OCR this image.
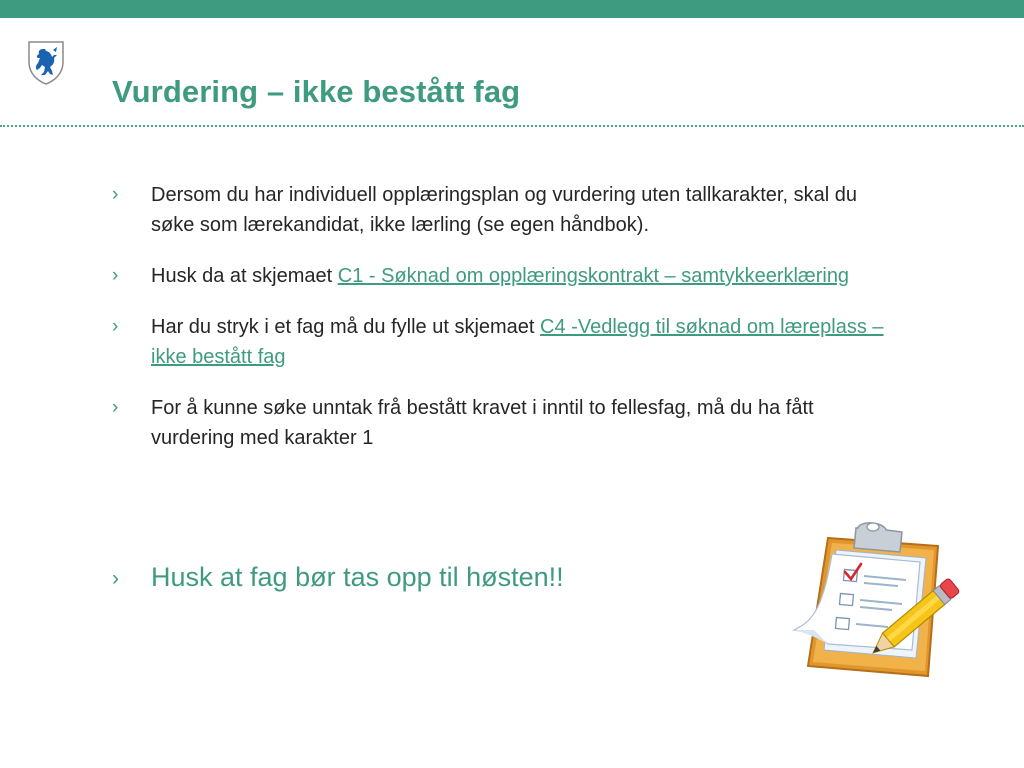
Vurdering – ikke bestått fag
› Dersom du har individuell opplæringsplan og vurdering uten tallkarakter, skal du søke som lærekandidat, ikke lærling (se egen håndbok).
› Husk da at skjemaet C1 - Søknad om opplæringskontrakt – samtykkeerklæring
› Har du stryk i et fag må du fylle ut skjemaet C4 -Vedlegg til søknad om læreplass – ikke bestått fag
› For å kunne søke unntak frå bestått kravet i inntil to fellesfag, må du ha fått vurdering med karakter 1
› Husk at fag bør tas opp til høsten!!
